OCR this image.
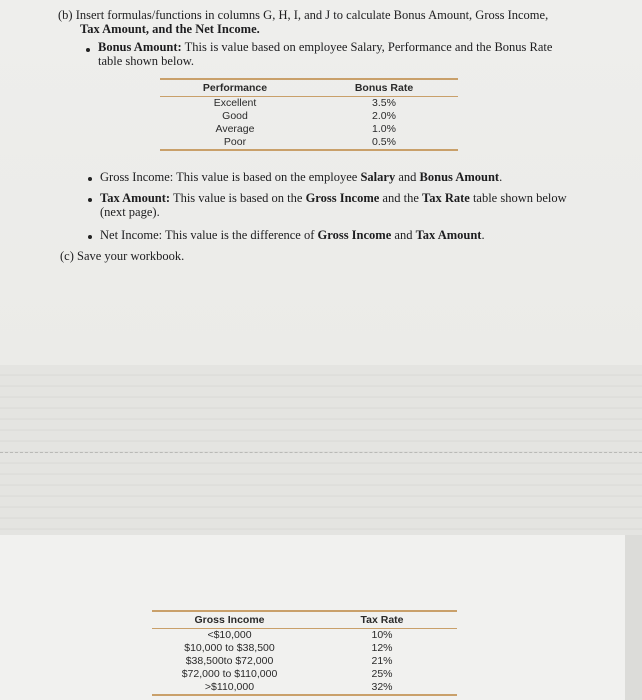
(b) Insert formulas/functions in columns G, H, I, and J to calculate Bonus Amount, Gross Income,
Tax Amount, and the Net Income.
Bonus Amount: This is value based on employee Salary, Performance and the Bonus Rate
table shown below.
Performance	Bonus Rate
Excellent	3.5%
Good	2.0%
Average	1.0%
Poor	0.5%
Gross Income: This value is based on the employee Salary and Bonus Amount.
Tax Amount: This value is based on the Gross Income and the Tax Rate table shown below
(next page).
Net Income: This value is the difference of Gross Income and Tax Amount.
(c) Save your workbook.
Gross Income	Tax Rate
<$10,000	10%
$10,000 to $38,500	12%
$38,500to $72,000	21%
$72,000 to $110,000	25%
>$110,000	32%
